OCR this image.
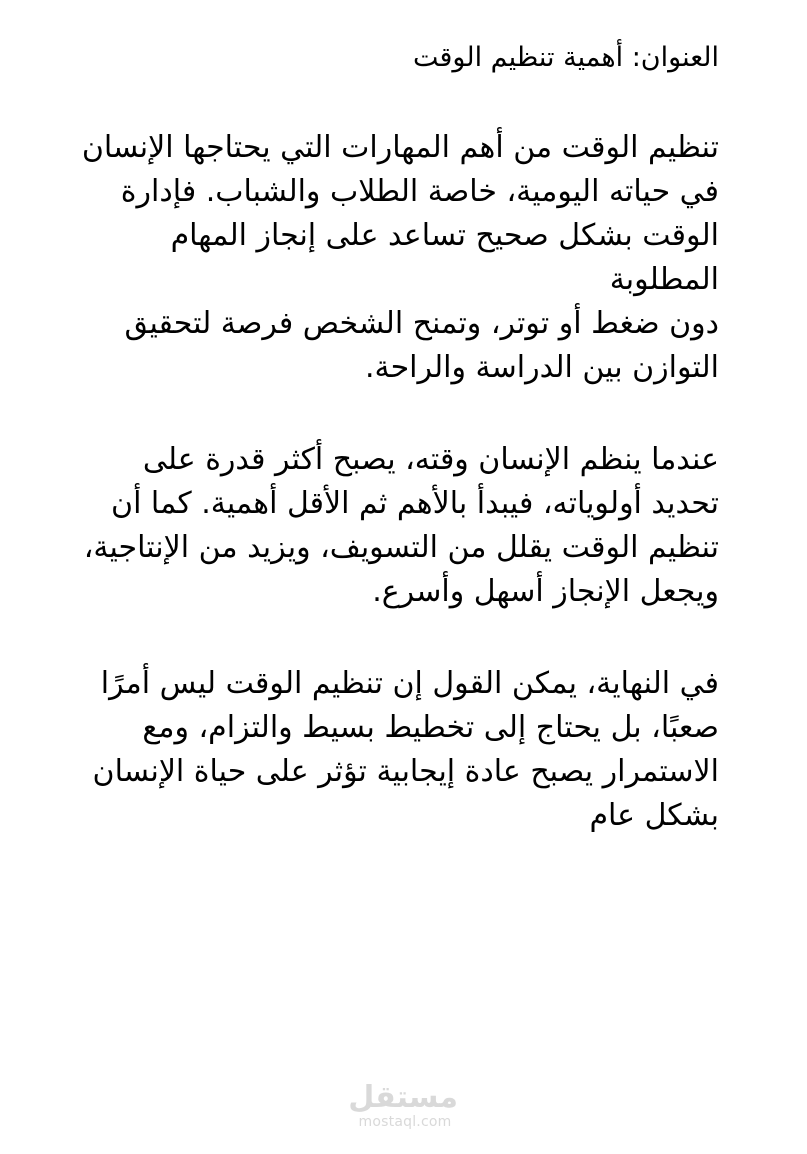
العنوان: أهمية تنظيم الوقت

تنظيم الوقت من أهم المهارات التي يحتاجها الإنسان

في حياته اليومية، خاصة الطلاب والشباب. فإدارة

الوقت بشكل صحيح تساعد على إنجاز المهام المطلوبة

دون ضغط أو توتر، وتمنح الشخص فرصة لتحقيق

التوازن بين الدراسة والراحة.

عندما ينظم الإنسان وقته، يصبح أكثر قدرة على

تحديد أولوياته، فيبدأ بالأهم ثم الأقل أهمية. كما أن

تنظيم الوقت يقلل من التسويف، ويزيد من الإنتاجية،

ويجعل الإنجاز أسهل وأسرع.

في النهاية، يمكن القول إن تنظيم الوقت ليس أمرًا

صعبًا، بل يحتاج إلى تخطيط بسيط والتزام، ومع

الاستمرار يصبح عادة إيجابية تؤثر على حياة الإنسان

بشكل عام

مستقل
mostaql.com
